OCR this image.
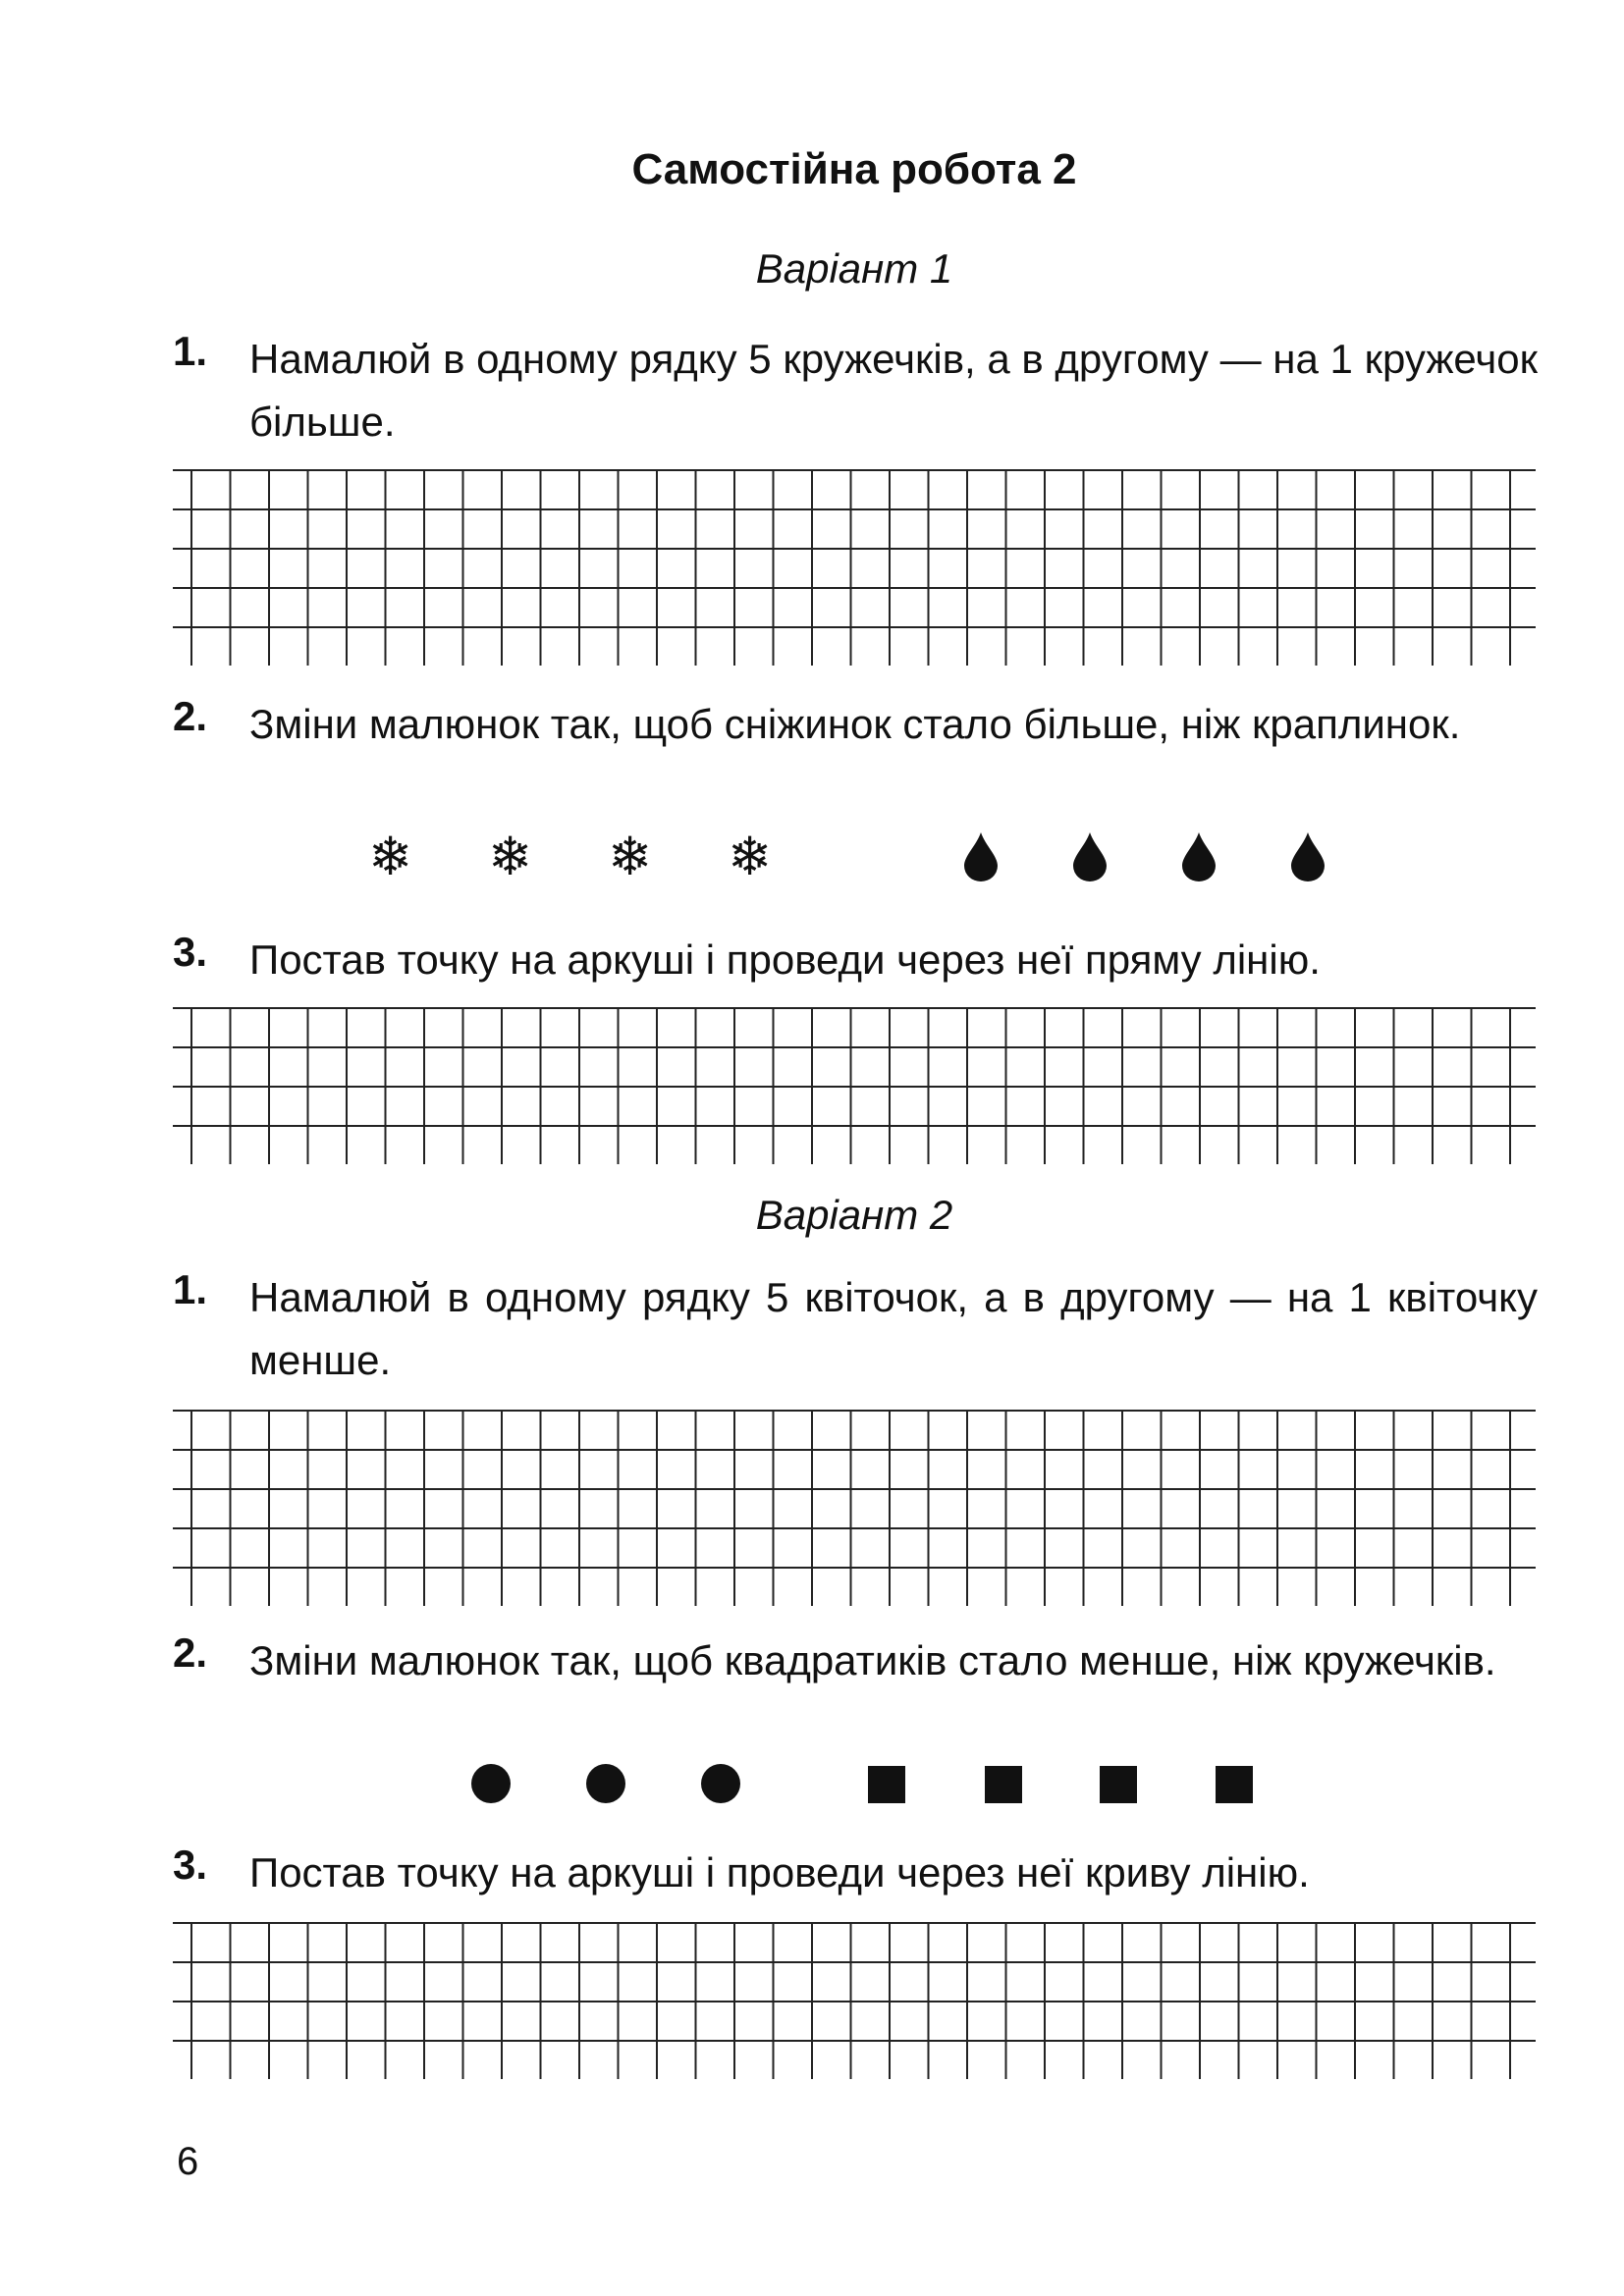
Самостійна робота 2

Варіант 1

1. Намалюй в одному рядку 5 кружечків, а в другому — на 1 кружечок більше.
2. Зміни малюнок так, щоб сніжинок стало більше, ніж краплинок.
❄ ❄ ❄ ❄
3. Постав точку на аркуші і проведи через неї пряму лінію.

Варіант 2

1. Намалюй в одному рядку 5 квіточок, а в другому — на 1 квіточку менше.
2. Зміни малюнок так, щоб квадратиків стало менше, ніж кружечків.
3. Постав точку на аркуші і проведи через неї криву лінію.
6
